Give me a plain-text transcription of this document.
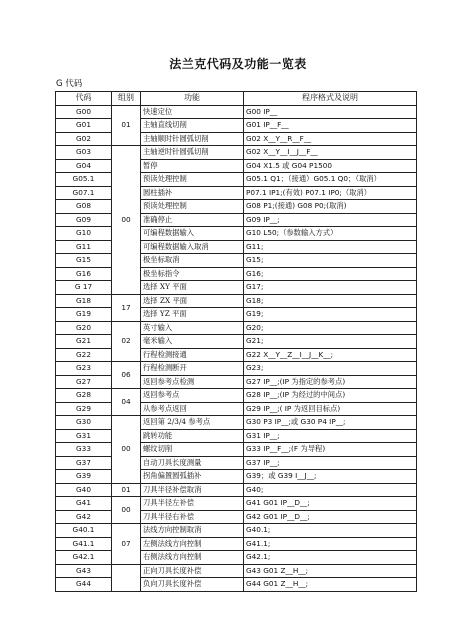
法兰克代码及功能一览表
G 代码
代码	组别	功能	程序格式及说明
G00	01	快速定位	G00 IP__
G01		主轴直线切削	G01 IP__F__
G02		主轴顺时针圆弧切削	G02 X__Y__R__F__
G03	00	主轴逆时针圆弧切削	G02 X__Y__I__J__F__
G04		暂停	G04 X1.5 或 G04 P1500
G05.1		预读处理控制	G05.1 Q1；（接通）G05.1 Q0；（取消）
G07.1		圆柱插补	P07.1 IP1;(有效) P07.1 IP0;（取消）
G08		预读处理控制	G08 P1;(接通) G08 P0;(取消)
G09		准确停止	G09 IP__;
G10		可编程数据输入	G10 L50;（参数输入方式）
G11		可编程数据输入取消	G11;
G15		极坐标取消	G15;
G16		极坐标指令	G16;
G 17		选择 XY 平面	G17;
G18	17	选择 ZX 平面	G18;
G19		选择 YZ 平面	G19;
G20	02	英寸输入	G20;
G21		毫米输入	G21;
G22		行程检测接通	G22 X__Y__Z__I__J__K__;
G23	06	行程检测断开	G23;
G27		返回参考点检测	G27 IP__;(IP 为指定的参考点)
G28	04	返回参考点	G28 IP__;(IP 为经过的中间点)
G29		从参考点返回	G29 IP__;( IP 为返回目标点)
G30	00	返回第 2/3/4 参考点	G30 P3 IP__;或 G30 P4 IP__;
G31		跳转功能	G31 IP__;
G33		螺纹切削	G33 IP__F__;(F 为导程)
G37		自动刀具长度测量	G37 IP__;
G39		拐角偏置圆弧插补	G39；或 G39 I__J__;
G40	01	刀具半径补偿取消	G40;
G41	00	刀具半径左补偿	G41 G01 IP__D__;
G42		刀具半径右补偿	G42 G01 IP__D__;
G40.1	07	法线方向控制取消	G40.1;
G41.1		左侧法线方向控制	G41.1;
G42.1		右侧法线方向控制	G42.1;
G43		正向刀具长度补偿	G43 G01 Z__H__;
G44		负向刀具长度补偿	G44 G01 Z__H__;
